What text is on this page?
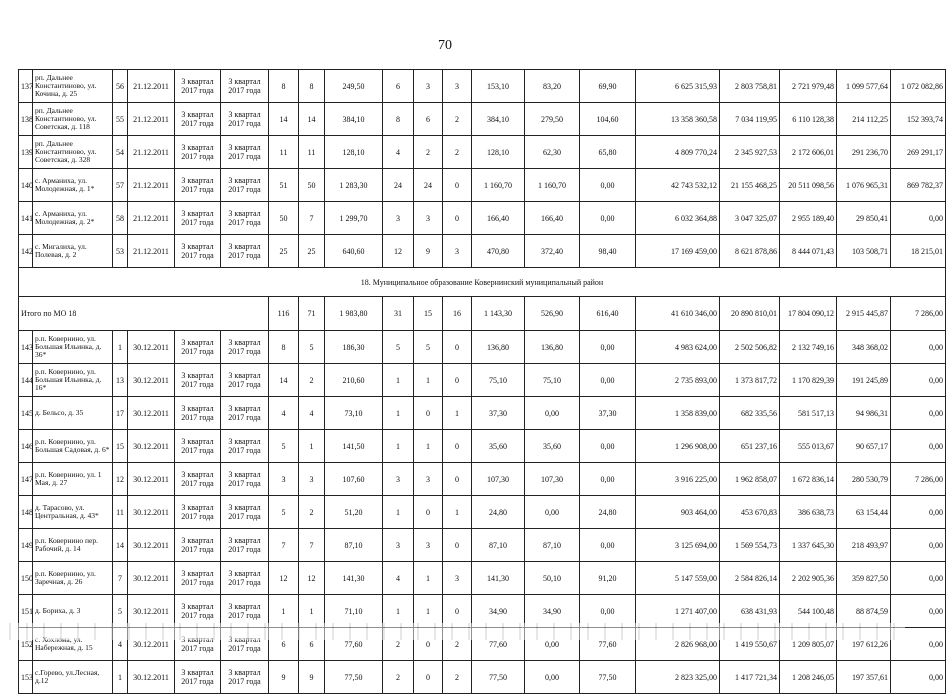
70
137	рп. Дальнее Константиново, ул. Кочина, д. 25	56	21.12.2011	3 квартал 2017 года	3 квартал 2017 года	8	8	249,50	6	3	3	153,10	83,20	69,90	6 625 315,93	2 803 758,81	2 721 979,48	1 099 577,64	1 072 082,86
138	рп. Дальнее Константиново, ул. Советская, д. 118	55	21.12.2011	3 квартал 2017 года	3 квартал 2017 года	14	14	384,10	8	6	2	384,10	279,50	104,60	13 358 360,58	7 034 119,95	6 110 128,38	214 112,25	152 393,74
139	рп. Дальнее Константиново, ул. Советская, д. 328	54	21.12.2011	3 квартал 2017 года	3 квартал 2017 года	11	11	128,10	4	2	2	128,10	62,30	65,80	4 809 770,24	2 345 927,53	2 172 606,01	291 236,70	269 291,17
140	с. Арманиха, ул. Молодежная, д. 1*	57	21.12.2011	3 квартал 2017 года	3 квартал 2017 года	51	50	1 283,30	24	24	0	1 160,70	1 160,70	0,00	42 743 532,12	21 155 468,25	20 511 098,56	1 076 965,31	869 782,37
141	с. Арманиха, ул. Молодежная, д. 2*	58	21.12.2011	3 квартал 2017 года	3 квартал 2017 года	50	7	1 299,70	3	3	0	166,40	166,40	0,00	6 032 364,88	3 047 325,07	2 955 189,40	29 850,41	0,00
142	с. Мигалиха, ул. Полевая, д. 2	53	21.12.2011	3 квартал 2017 года	3 квартал 2017 года	25	25	640,60	12	9	3	470,80	372,40	98,40	17 169 459,00	8 621 878,86	8 444 071,43	103 508,71	18 215,01
18. Муниципальное образование Ковернинский муниципальный район																			
Итого по МО 18						116	71	1 983,80	31	15	16	1 143,30	526,90	616,40	41 610 346,00	20 890 810,01	17 804 090,12	2 915 445,87	7 286,00
143	р.п. Ковернино, ул. Большая Ильинка, д. 36*	1	30.12.2011	3 квартал 2017 года	3 квартал 2017 года	8	5	186,30	5	5	0	136,80	136,80	0,00	4 983 624,00	2 502 506,82	2 132 749,16	348 368,02	0,00
144	р.п. Ковернино, ул. Большая Ильинка, д. 16*	13	30.12.2011	3 квартал 2017 года	3 квартал 2017 года	14	2	210,60	1	1	0	75,10	75,10	0,00	2 735 893,00	1 373 817,72	1 170 829,39	191 245,89	0,00
145	д. Бельсо, д. 35	17	30.12.2011	3 квартал 2017 года	3 квартал 2017 года	4	4	73,10	1	0	1	37,30	0,00	37,30	1 358 839,00	682 335,56	581 517,13	94 986,31	0,00
146	р.п. Ковернино, ул. Большая Садовая, д. 6*	15	30.12.2011	3 квартал 2017 года	3 квартал 2017 года	5	1	141,50	1	1	0	35,60	35,60	0,00	1 296 908,00	651 237,16	555 013,67	90 657,17	0,00
147	р.п. Ковернино, ул. 1 Мая, д. 27	12	30.12.2011	3 квартал 2017 года	3 квартал 2017 года	3	3	107,60	3	3	0	107,30	107,30	0,00	3 916 225,00	1 962 858,07	1 672 836,14	280 530,79	7 286,00
148	д. Тарасово, ул. Центральная, д. 43*	11	30.12.2011	3 квартал 2017 года	3 квартал 2017 года	5	2	51,20	1	0	1	24,80	0,00	24,80	903 464,00	453 670,83	386 638,73	63 154,44	0,00
149	р.п. Ковернино пер. Рабочий, д. 14	14	30.12.2011	3 квартал 2017 года	3 квартал 2017 года	7	7	87,10	3	3	0	87,10	87,10	0,00	3 125 694,00	1 569 554,73	1 337 645,30	218 493,97	0,00
150	р.п. Ковернино, ул. Заречная, д. 26	7	30.12.2011	3 квартал 2017 года	3 квартал 2017 года	12	12	141,30	4	1	3	141,30	50,10	91,20	5 147 559,00	2 584 826,14	2 202 905,36	359 827,50	0,00
151	д. Бориха, д. 3	5	30.12.2011	3 квартал 2017 года	3 квартал 2017 года	1	1	71,10	1	1	0	34,90	34,90	0,00	1 271 407,00	638 431,93	544 100,48	88 874,59	0,00
152	Набережная, д. 15	4	30.12.2011	2017 года	2017 года	6	6	77,60	2	0	2	77,60	0,00	77,60	2 826 968,00	1 419 550,67	1 209 805,07	197 612,26	0,00
153	с.Горево, ул.Лесная, д.12	1	30.12.2011	3 квартал 2017 года	3 квартал 2017 года	9	9	77,50	2	0	2	77,50	0,00	77,50	2 823 325,00	1 417 721,34	1 208 246,05	197 357,61	0,00
